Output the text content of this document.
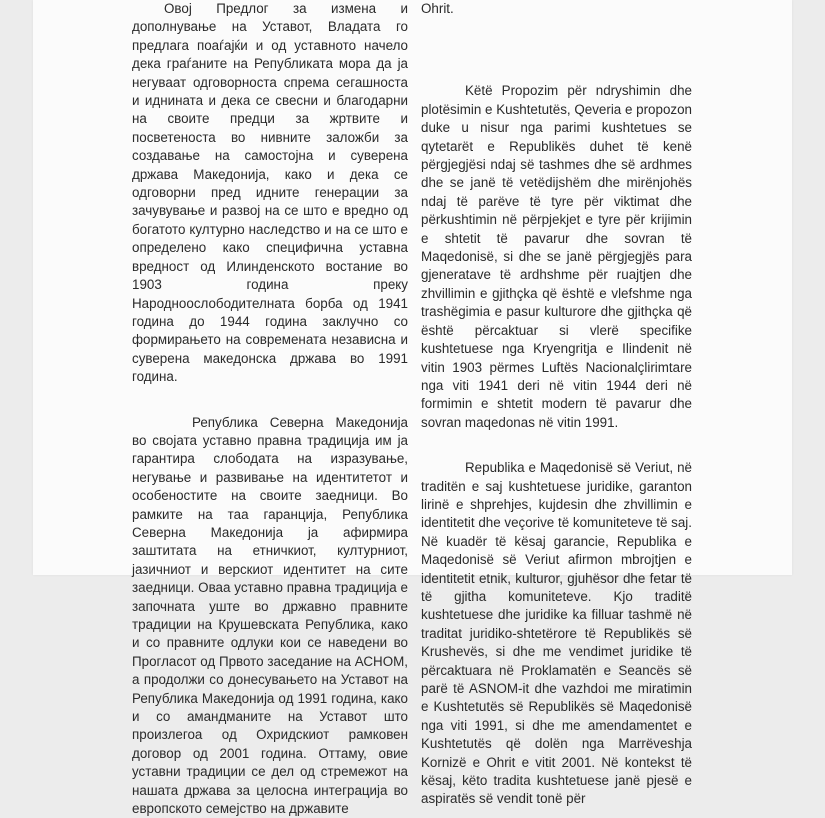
Овој Предлог за измена и дополнување на Уставот, Владата го предлага поаѓајќи и од уставното начело дека граѓаните на Републиката мора да ја негуваат одговорноста спрема сегашноста и иднината и дека се свесни и благодарни на своите предци за жртвите и посветеноста во нивните заложби за создавање на самостојна и суверена држава Македонија, како и дека се одговорни пред идните генерации за зачувување и развој на се што е вредно од богатото културно наследство и на се што е определено како специфична уставна вредност од Илинденското востание во 1903 година преку Народноослободителната борба од 1941 година до 1944 година заклучно со формирањето на современата независна и суверена македонска држава во 1991 година.

Република Северна Македонија во својата уставно правна традиција им ја гарантира слободата на изразување, негување и развивање на идентитетот и особеностите на своите заедници. Во рамките на таа гаранција, Република Северна Македонија ја афирмира заштитата на етничкиот, културниот, јазичниот и верскиот идентитет на сите заедници. Оваа уставно правна традиција е започната уште во државно правните традиции на Крушевската Република, како и со правните одлуки кои се наведени во Прогласот од Првото заседание на АСНОМ, а продолжи со донесувањето на Уставот на Република Македонија од 1991 година, како и со амандманите на Уставот што произлегоа од Охридскиот рамковен договор од 2001 година. Оттаму, овие уставни традиции се дел од стремежот на нашата држава за целосна интеграција во европското семејство на државите

Ohrit.

Këtë Propozim për ndryshimin dhe plotësimin e Kushtetutës, Qeveria e propozon duke u nisur nga parimi kushtetues se qytetarët e Republikës duhet të kenë përgjegjësi ndaj së tashmes dhe së ardhmes dhe se janë të vetëdijshëm dhe mirënjohës ndaj të parëve të tyre për viktimat dhe përkushtimin në përpjekjet e tyre për krijimin e shtetit të pavarur dhe sovran të Maqedonisë, si dhe se janë përgjegjës para gjeneratave të ardhshme për ruajtjen dhe zhvillimin e gjithçka që është e vlefshme nga trashëgimia e pasur kulturore dhe gjithçka që është përcaktuar si vlerë specifike kushtetuese nga Kryengritja e Ilindenit në vitin 1903 përmes Luftës Nacionalçlirimtare nga viti 1941 deri në vitin 1944 deri në formimin e shtetit modern të pavarur dhe sovran maqedonas në vitin 1991.

Republika e Maqedonisë së Veriut, në traditën e saj kushtetuese juridike, garanton lirinë e shprehjes, kujdesin dhe zhvillimin e identitetit dhe veçorive të komuniteteve të saj. Në kuadër të kësaj garancie, Republika e Maqedonisë së Veriut afirmon mbrojtjen e identitetit etnik, kulturor, gjuhësor dhe fetar të të gjitha komuniteteve. Kjo traditë kushtetuese dhe juridike ka filluar tashmë në traditat juridiko-shtetërore të Republikës së Krushevës, si dhe me vendimet juridike të përcaktuara në Proklamatën e Seancës së parë të ASNOM-it dhe vazhdoi me miratimin e Kushtetutës së Republikës së Maqedonisë nga viti 1991, si dhe me amendamentet e Kushtetutës që dolën nga Marrëveshja Kornizë e Ohrit e vitit 2001. Në kontekst të kësaj, këto tradita kushtetuese janë pjesë e aspiratës së vendit tonë për
